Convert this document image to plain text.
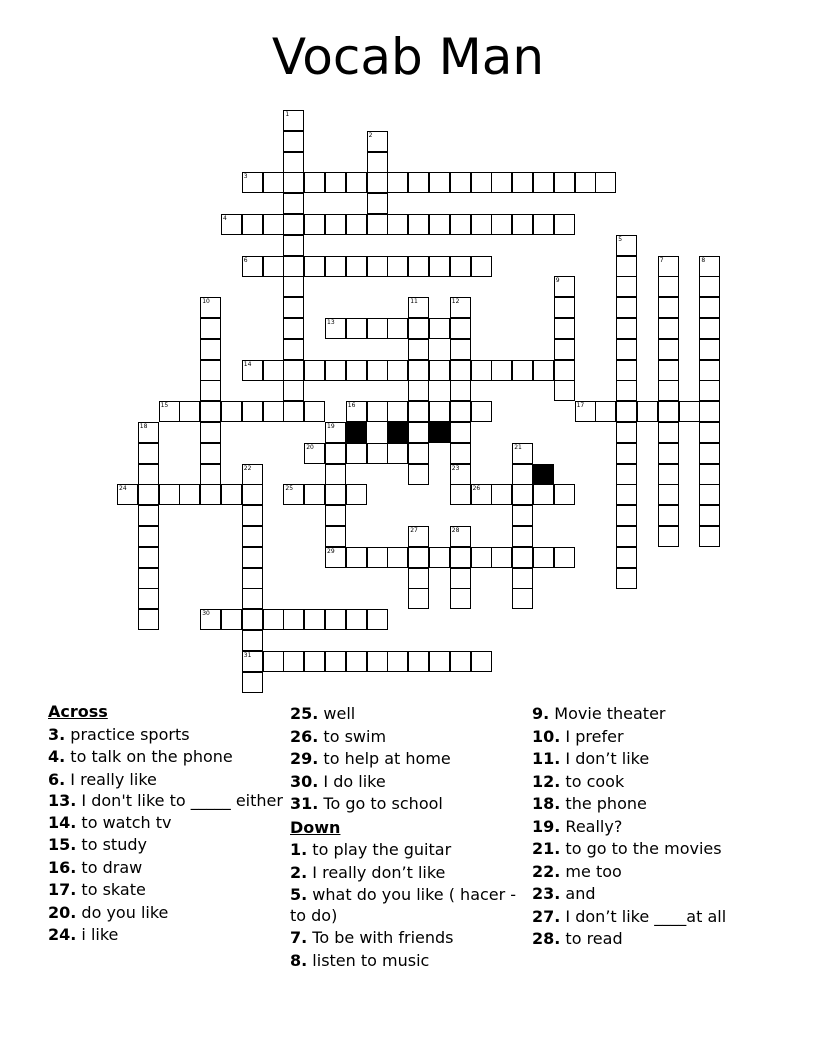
Vocab Man
1
2
3
4
5
6	7	8
9
10	11	12
13
14
15	16	17
18	19
29
20	21
22
31
23
24	25	26
27	28
30
Across
3. practice sports
4. to talk on the phone
6. I really like
13. I don't like to _____ either
14. to watch tv
15. to study
16. to draw
17. to skate
20. do you like
24. i like
25. well
26. to swim
29. to help at home
30. I do like
31. To go to school
Down
1. to play the guitar
2. I really don’t like
5. what do you like ( hacer - to do)
7. To be with friends
8. listen to music
9. Movie theater
10. I prefer
11. I don’t like
12. to cook
18. the phone
19. Really?
21. to go to the movies
22. me too
23. and
27. I don’t like ____at all
28. to read
